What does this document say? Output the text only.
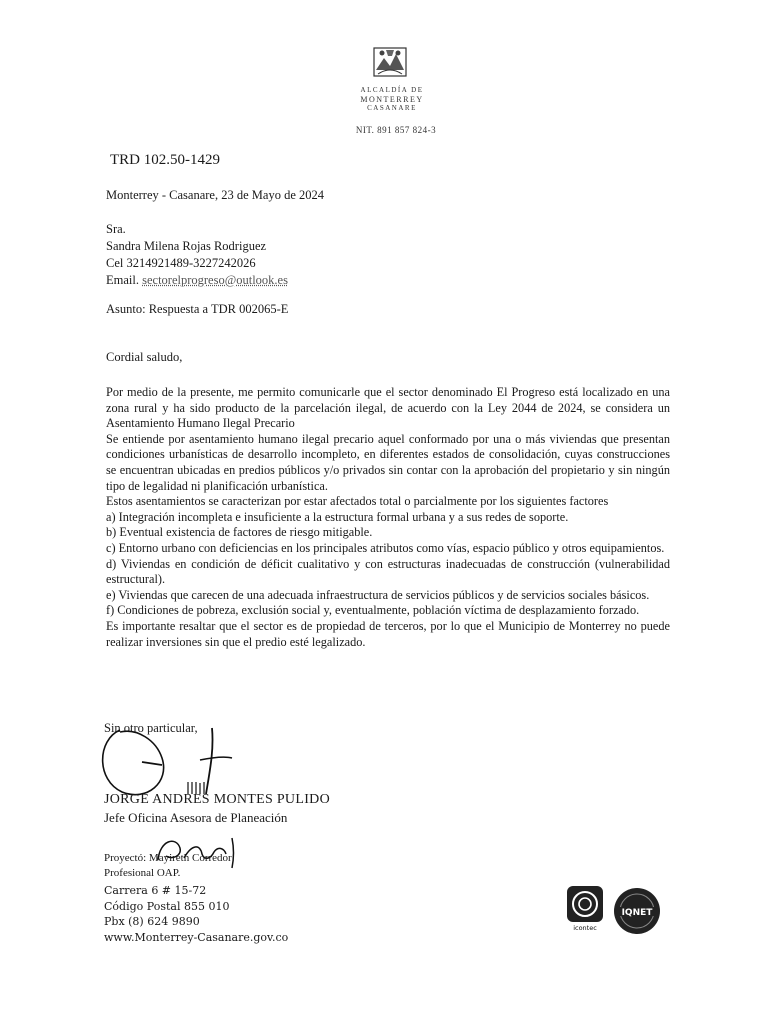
ALCALDÍA DE
MONTERREY
CASANARE
NIT. 891 857 824-3
TRD 102.50-1429
Monterrey - Casanare, 23 de Mayo de 2024
Sra.
Sandra Milena Rojas Rodriguez
Cel 3214921489-3227242026
Email. sectorelprogreso@outlook.es
Asunto: Respuesta a TDR 002065-E
Cordial saludo,

Por medio de la presente, me permito comunicarle que el sector denominado El Progreso está localizado en una zona rural y ha sido producto de la parcelación ilegal, de acuerdo con la Ley 2044 de 2024, se considera un Asentamiento Humano Ilegal Precario

Se entiende por asentamiento humano ilegal precario aquel conformado por una o más viviendas que presentan condiciones urbanísticas de desarrollo incompleto, en diferentes estados de consolidación, cuyas construcciones se encuentran ubicadas en predios públicos y/o privados sin contar con la aprobación del propietario y sin ningún tipo de legalidad ni planificación urbanística.

Estos asentamientos se caracterizan por estar afectados total o parcialmente por los siguientes factores

a) Integración incompleta e insuficiente a la estructura formal urbana y a sus redes de soporte.

b) Eventual existencia de factores de riesgo mitigable.

c) Entorno urbano con deficiencias en los principales atributos como vías, espacio público y otros equipamientos.

d) Viviendas en condición de déficit cualitativo y con estructuras inadecuadas de construcción (vulnerabilidad estructural).

e) Viviendas que carecen de una adecuada infraestructura de servicios públicos y de servicios sociales básicos.

f) Condiciones de pobreza, exclusión social y, eventualmente, población víctima de desplazamiento forzado.

Es importante resaltar que el sector es de propiedad de terceros, por lo que el Municipio de Monterrey no puede realizar inversiones sin que el predio esté legalizado.

Sin otro particular,
JORGE ANDRES MONTES PULIDO
Jefe Oficina Asesora de Planeación
Proyectó: Mayireth Corredor
Profesional OAP.
Carrera 6 # 15-72
Código Postal 855 010
Pbx (8) 624 9890
www.Monterrey-Casanare.gov.co
icontec
IQNET
